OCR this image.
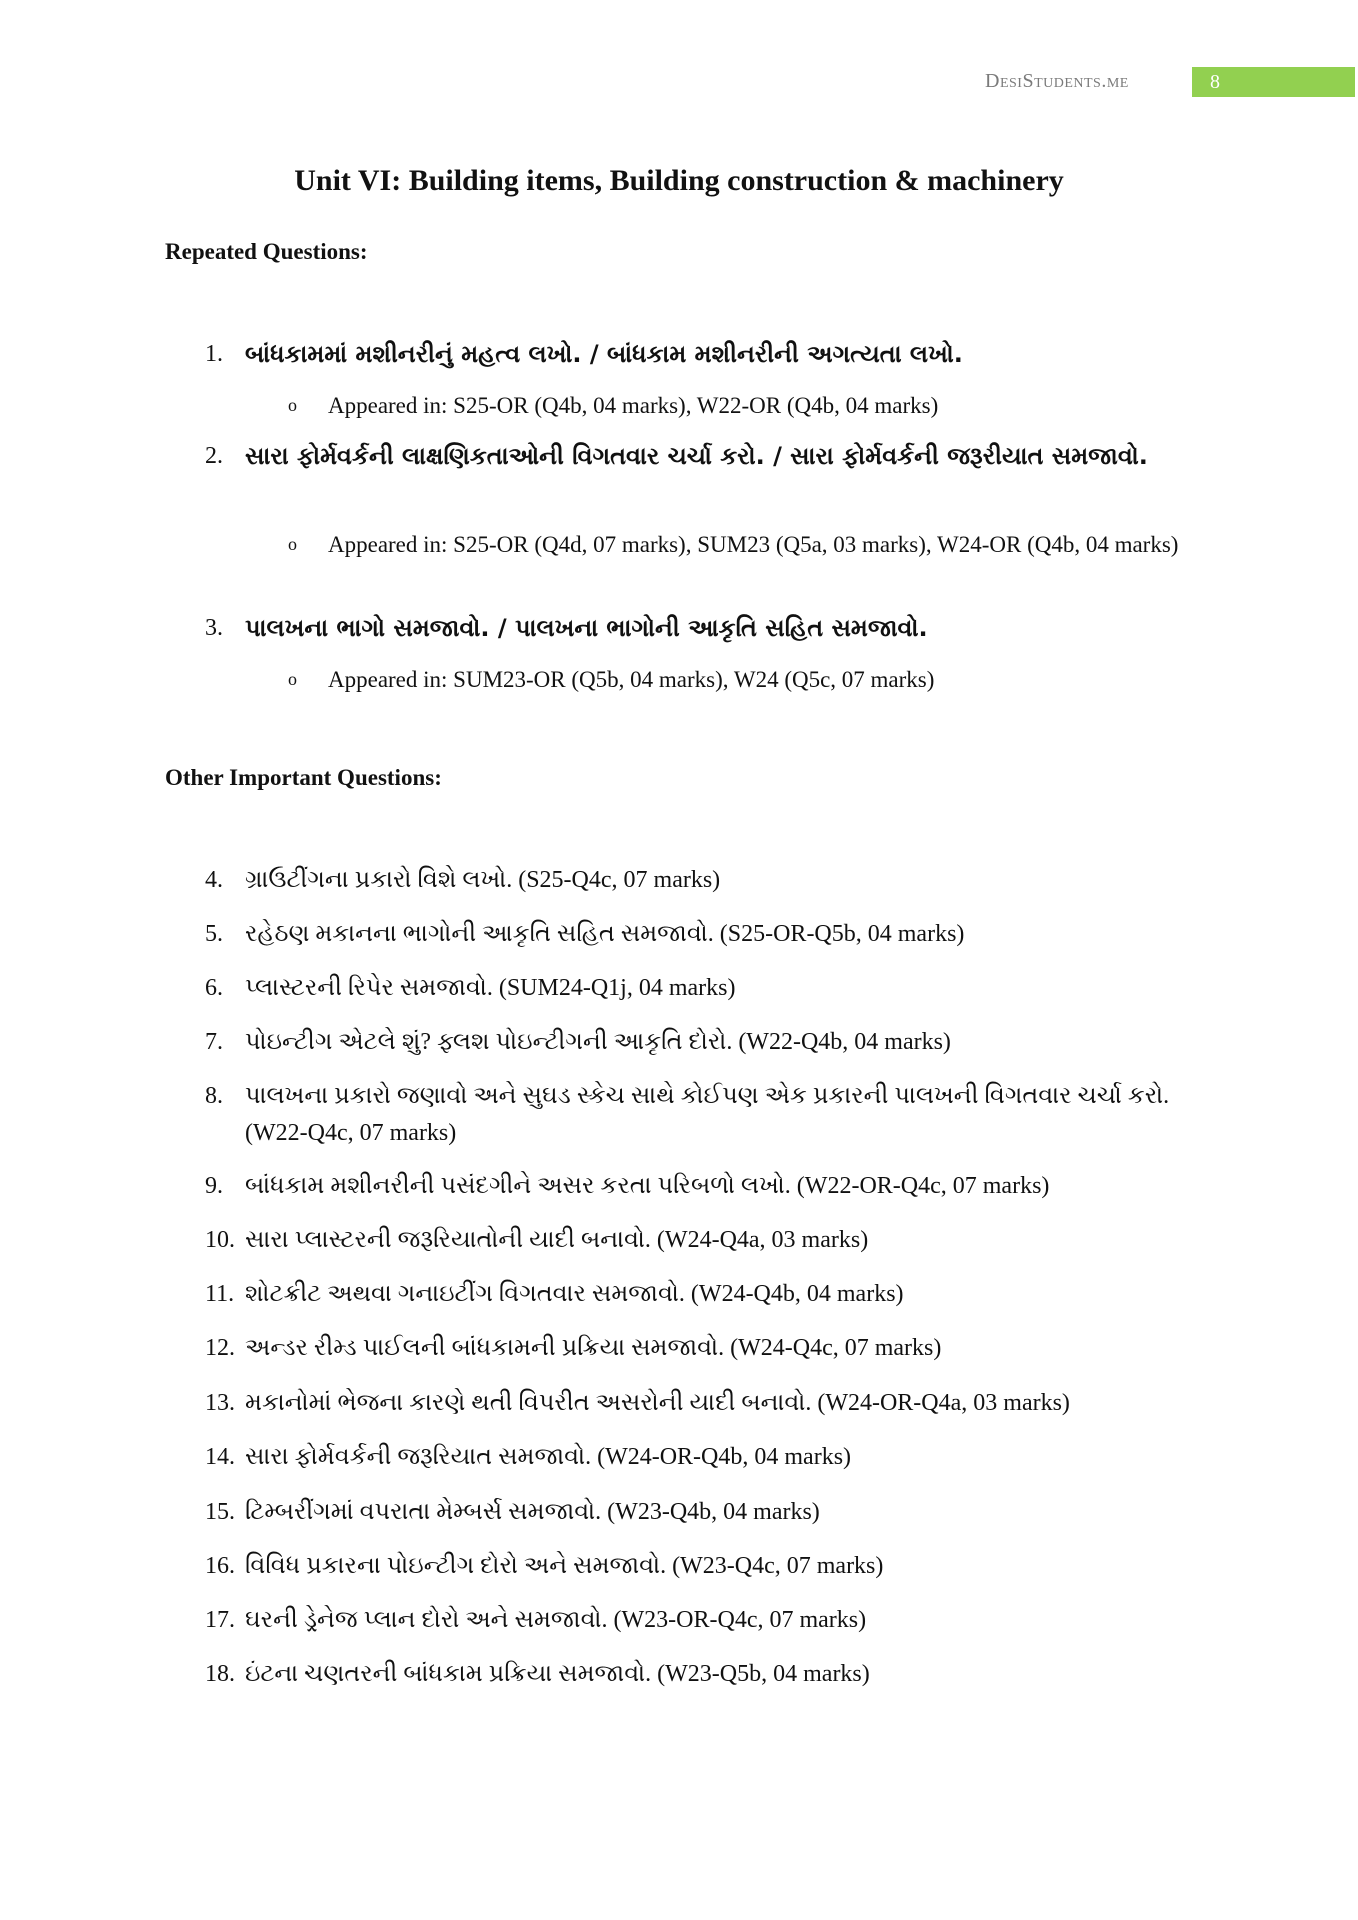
DesiStudents.me	8
Unit VI: Building items, Building construction & machinery
Repeated Questions:
1. બાંધકામમાં મશીનરીનું મહત્વ લખો. / બાંધકામ મશીનરીની અગત્યતા લખો.
o Appeared in: S25-OR (Q4b, 04 marks), W22-OR (Q4b, 04 marks)
2. સારા ફોર્મવર્કની લાક્ષણિકતાઓની વિગતવાર ચર્ચા કરો. / સારા ફોર્મવર્કની જરૂરીયાત સમજાવો.
o Appeared in: S25-OR (Q4d, 07 marks), SUM23 (Q5a, 03 marks), W24-OR (Q4b, 04 marks)
3. પાલખના ભાગો સમજાવો. / પાલખના ભાગોની આકૃતિ સહિત સમજાવો.
o Appeared in: SUM23-OR (Q5b, 04 marks), W24 (Q5c, 07 marks)
Other Important Questions:
4. ગ્રાઉટીંગના પ્રકારો વિશે લખો. (S25-Q4c, 07 marks)
5. રહેઠણ મકાનના ભાગોની આકૃતિ સહિત સમજાવો. (S25-OR-Q5b, 04 marks)
6. પ્લાસ્ટરની રિપેર સમજાવો. (SUM24-Q1j, 04 marks)
7. પોઇન્ટીગ એટલે શું? ફ્લશ પોઇન્ટીગની આકૃતિ દોરો. (W22-Q4b, 04 marks)
8. પાલખના પ્રકારો જણાવો અને સુઘડ સ્કેચ સાથે કોઈપણ એક પ્રકારની પાલખની વિગતવાર ચર્ચા કરો. (W22-Q4c, 07 marks)
9. બાંધકામ મશીનરીની પસંદગીને અસર કરતા પરિબળો લખો. (W22-OR-Q4c, 07 marks)
10. સારા પ્લાસ્ટરની જરૂરિયાતોની યાદી બનાવો. (W24-Q4a, 03 marks)
11. શોટક્રીટ અથવા ગનાઇટીંગ વિગતવાર સમજાવો. (W24-Q4b, 04 marks)
12. અન્ડર રીમ્ડ પાઈલની બાંધકામની પ્રક્રિયા સમજાવો. (W24-Q4c, 07 marks)
13. મકાનોમાં ભેજના કારણે થતી વિપરીત અસરોની યાદી બનાવો. (W24-OR-Q4a, 03 marks)
14. સારા ફોર્મવર્કની જરૂરિયાત સમજાવો. (W24-OR-Q4b, 04 marks)
15. ટિમ્બરીંગમાં વપરાતા મેમ્બર્સ સમજાવો. (W23-Q4b, 04 marks)
16. વિવિધ પ્રકારના પોઇન્ટીગ દોરો અને સમજાવો. (W23-Q4c, 07 marks)
17. ઘરની ડ્રેનેજ પ્લાન દોરો અને સમજાવો. (W23-OR-Q4c, 07 marks)
18. ઇંટના ચણતરની બાંધકામ પ્રક્રિયા સમજાવો. (W23-Q5b, 04 marks)
